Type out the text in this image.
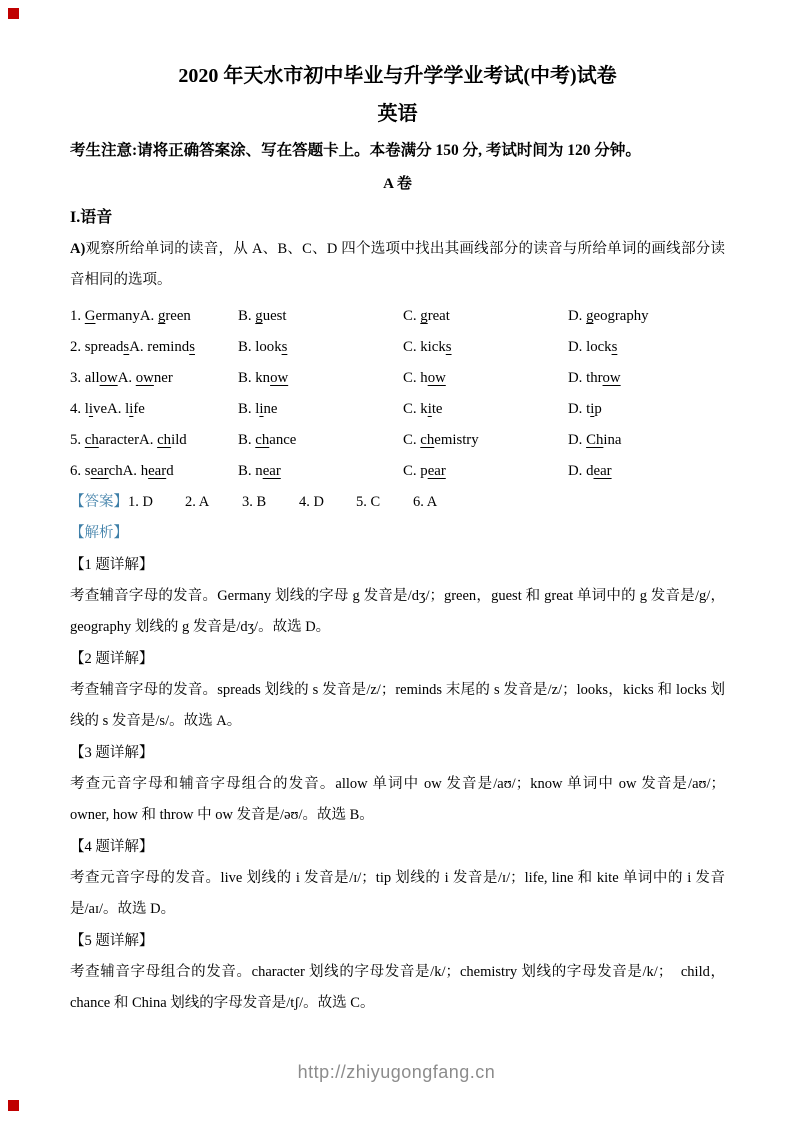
2020 年天水市初中毕业与升学学业考试(中考)试卷
英语
考生注意:请将正确答案涂、写在答题卡上。本卷满分 150 分, 考试时间为 120 分钟。
A 卷
I.语音

A)观察所给单词的读音，从 A、B、C、D 四个选项中找出其画线部分的读音与所给单词的画线部分读音相同的选项。

1. GermanyA. green	B. guest	C. great	D. geography
2. spreadsA. reminds	B. looks	C. kicks	D. locks
3. allowA. owner	B. know	C. how	D. throw
4. liveA. life	B. line	C. kite	D. tip
5. characterA. child	B. chance	C. chemistry	D. China
6. searchA. heard	B. near	C. pear	D. dear
【答案】 1. D	2. A	3. B	4. D	5. C	6. A
【解析】
【1 题详解】

考查辅音字母的发音。Germany 划线的字母 g 发音是/dʒ/；green，guest 和 great 单词中的 g 发音是/g/，geography 划线的 g 发音是/dʒ/。故选 D。

【2 题详解】

考查辅音字母的发音。spreads 划线的 s 发音是/z/；reminds 末尾的 s 发音是/z/；looks，kicks 和 locks 划线的 s 发音是/s/。故选 A。

【3 题详解】

考查元音字母和辅音字母组合的发音。allow 单词中 ow 发音是/aʊ/；know 单词中 ow 发音是/aʊ/；owner, how 和 throw 中 ow 发音是/əʊ/。故选 B。

【4 题详解】

考查元音字母的发音。live 划线的 i 发音是/ɪ/；tip 划线的 i 发音是/ɪ/；life, line 和 kite 单词中的 i 发音是/aɪ/。故选 D。

【5 题详解】

考查辅音字母组合的发音。character 划线的字母发音是/k/；chemistry 划线的字母发音是/k/；  child，chance 和 China 划线的字母发音是/tʃ/。故选 C。

http://zhiyugongfang.cn
